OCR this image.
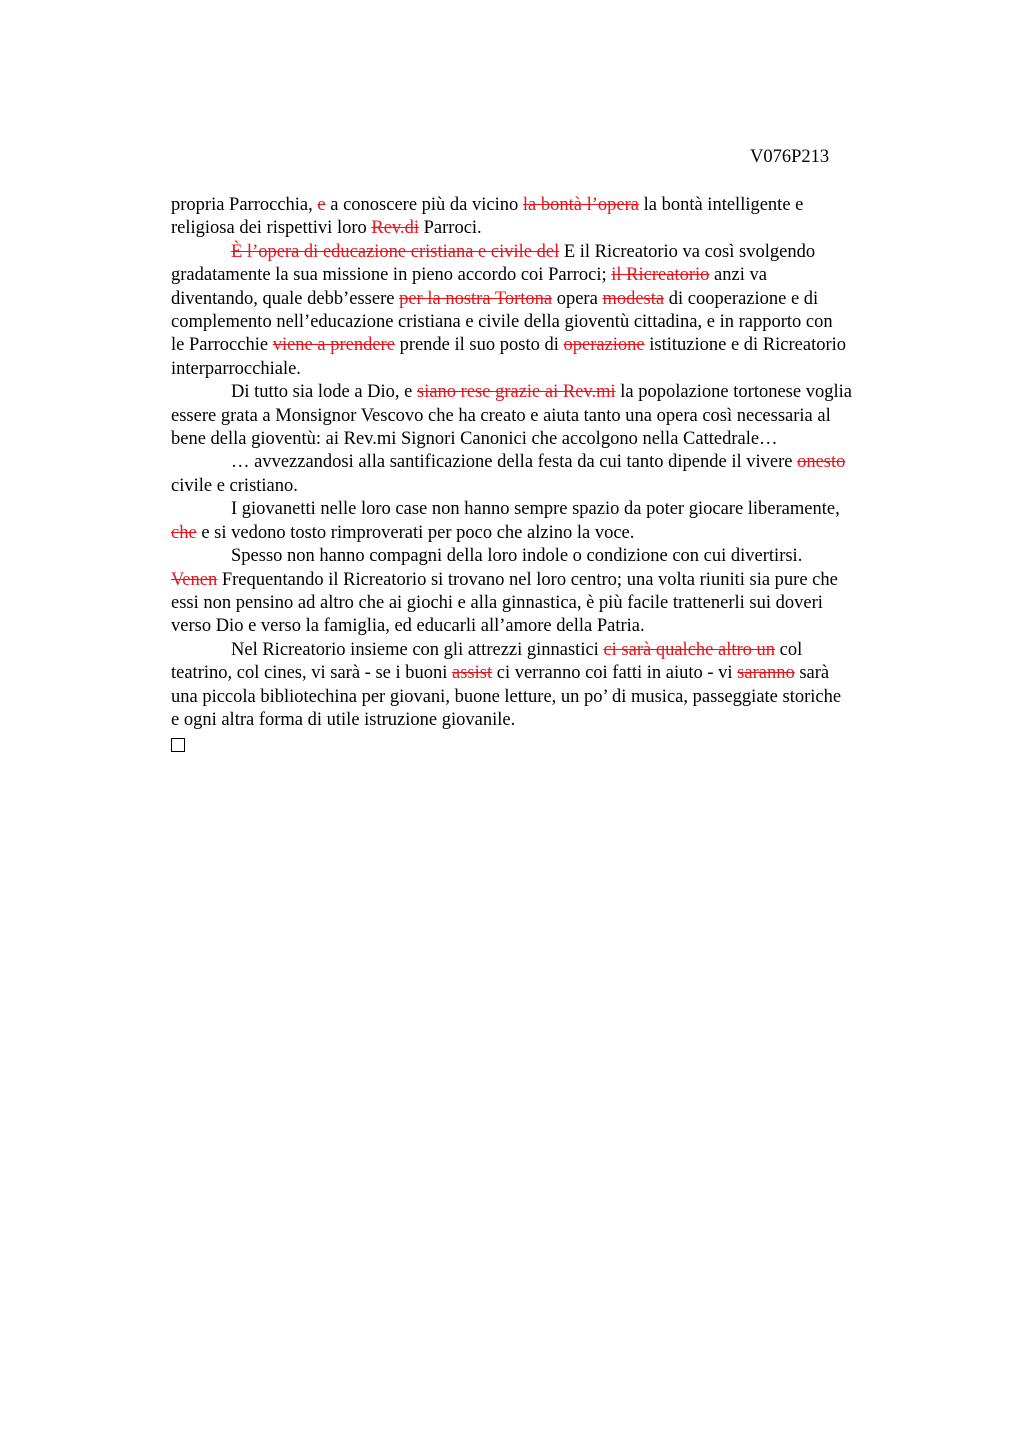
V076P213
propria Parrocchia, e a conoscere più da vicino la bontà l’opera la bontà intelligente e
religiosa dei rispettivi loro Rev.di Parroci.
È l’opera di educazione cristiana e civile del E il Ricreatorio va così svolgendo
gradatamente la sua missione in pieno accordo coi Parroci; il Ricreatorio anzi va
diventando, quale debb’essere per la nostra Tortona opera modesta di cooperazione e di
complemento nell’educazione cristiana e civile della gioventù cittadina, e in rapporto con
le Parrocchie viene a prendere prende il suo posto di operazione istituzione e di Ricreatorio
interparrocchiale.
Di tutto sia lode a Dio, e siano rese grazie ai Rev.mi la popolazione tortonese voglia
essere grata a Monsignor Vescovo che ha creato e aiuta tanto una opera così necessaria al
bene della gioventù: ai Rev.mi Signori Canonici che accolgono nella Cattedrale…
… avvezzandosi alla santificazione della festa da cui tanto dipende il vivere onesto
civile e cristiano.
I giovanetti nelle loro case non hanno sempre spazio da poter giocare liberamente,
che e si vedono tosto rimproverati per poco che alzino la voce.
Spesso non hanno compagni della loro indole o condizione con cui divertirsi.
Venen Frequentando il Ricreatorio si trovano nel loro centro; una volta riuniti sia pure che
essi non pensino ad altro che ai giochi e alla ginnastica, è più facile trattenerli sui doveri
verso Dio e verso la famiglia, ed educarli all’amore della Patria.
Nel Ricreatorio insieme con gli attrezzi ginnastici ci sarà qualche altro un col
teatrino, col cines, vi sarà - se i buoni assist ci verranno coi fatti in aiuto - vi saranno sarà
una piccola bibliotechina per giovani, buone letture, un po’ di musica, passeggiate storiche
e ogni altra forma di utile istruzione giovanile.
